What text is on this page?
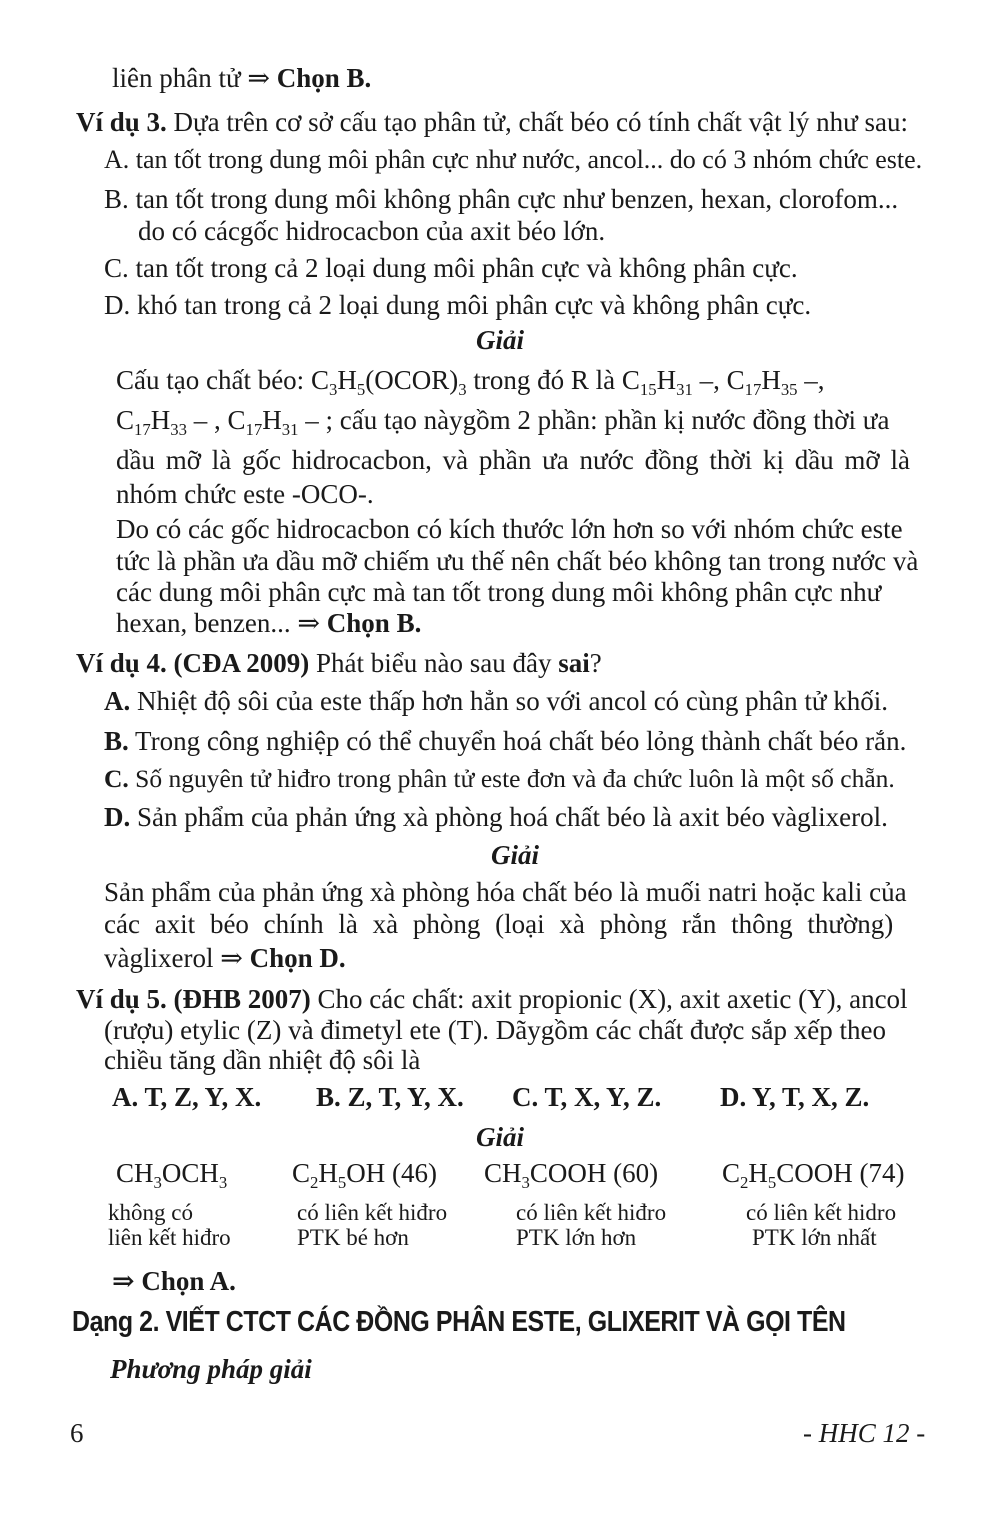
liên phân tử ⇒ Chọn B.
Ví dụ 3. Dựa trên cơ sở cấu tạo phân tử, chất béo có tính chất vật lý như sau:
A. tan tốt trong dung môi phân cực như nước, ancol... do có 3 nhóm chức este.
B. tan tốt trong dung môi không phân cực như benzen, hexan, clorofom...
do có cácgốc hidrocacbon của axit béo lớn.
C. tan tốt trong cả 2 loại dung môi phân cực và không phân cực.
D. khó tan trong cả 2 loại dung môi phân cực và không phân cực.
Giải
Cấu tạo chất béo: $C_3H_5(OCOR)_3$ trong đó R là $C_{15}H_{31}$ –, $C_{17}H_{35}$ –,
$C_{17}H_{33}$ – , $C_{17}H_{31}$ – ; cấu tạo nàygồm 2 phần: phần kị nước đồng thời ưa
dầu mỡ là gốc hidrocacbon, và phần ưa nước đồng thời kị dầu mỡ là
nhóm chức este -OCO-.
Do có các gốc hidrocacbon có kích thước lớn hơn so với nhóm chức este
tức là phần ưa dầu mỡ chiếm ưu thế nên chất béo không tan trong nước và
các dung môi phân cực mà tan tốt trong dung môi không phân cực như
hexan, benzen... ⇒ Chọn B.
Ví dụ 4. (CĐA 2009) Phát biểu nào sau đây sai?
A. Nhiệt độ sôi của este thấp hơn hẳn so với ancol có cùng phân tử khối.
B. Trong công nghiệp có thể chuyển hoá chất béo lỏng thành chất béo rắn.
C. Số nguyên tử hiđro trong phân tử este đơn và đa chức luôn là một số chẵn.
D. Sản phẩm của phản ứng xà phòng hoá chất béo là axit béo vàglixerol.
Giải
Sản phẩm của phản ứng xà phòng hóa chất béo là muối natri hoặc kali của
các axit béo chính là xà phòng (loại xà phòng rắn thông thường)
vàglixerol ⇒ Chọn D.
Ví dụ 5. (ĐHB 2007) Cho các chất: axit propionic (X), axit axetic (Y), ancol
(rượu) etylic (Z) và đimetyl ete (T). Dãygồm các chất được sắp xếp theo
chiều tăng dần nhiệt độ sôi là
A. T, Z, Y, X. B. Z, T, Y, X. C. T, X, Y, Z. D. Y, T, X, Z.
Giải
$CH_3OCH_3$
không có
liên kết hiđro
$C_2H_5OH$ (46)
có liên kết hiđro
PTK bé hơn
$CH_3COOH$ (60)
có liên kết hiđro
PTK lớn hơn
$C_2H_5COOH$ (74)
có liên kết hidro
PTK lớn nhất
⇒ Chọn A.
Dạng 2. VIẾT CTCT CÁC ĐỒNG PHÂN ESTE, GLIXERIT VÀ GỌI TÊN
Phương pháp giải
6	- HHC 12 -
